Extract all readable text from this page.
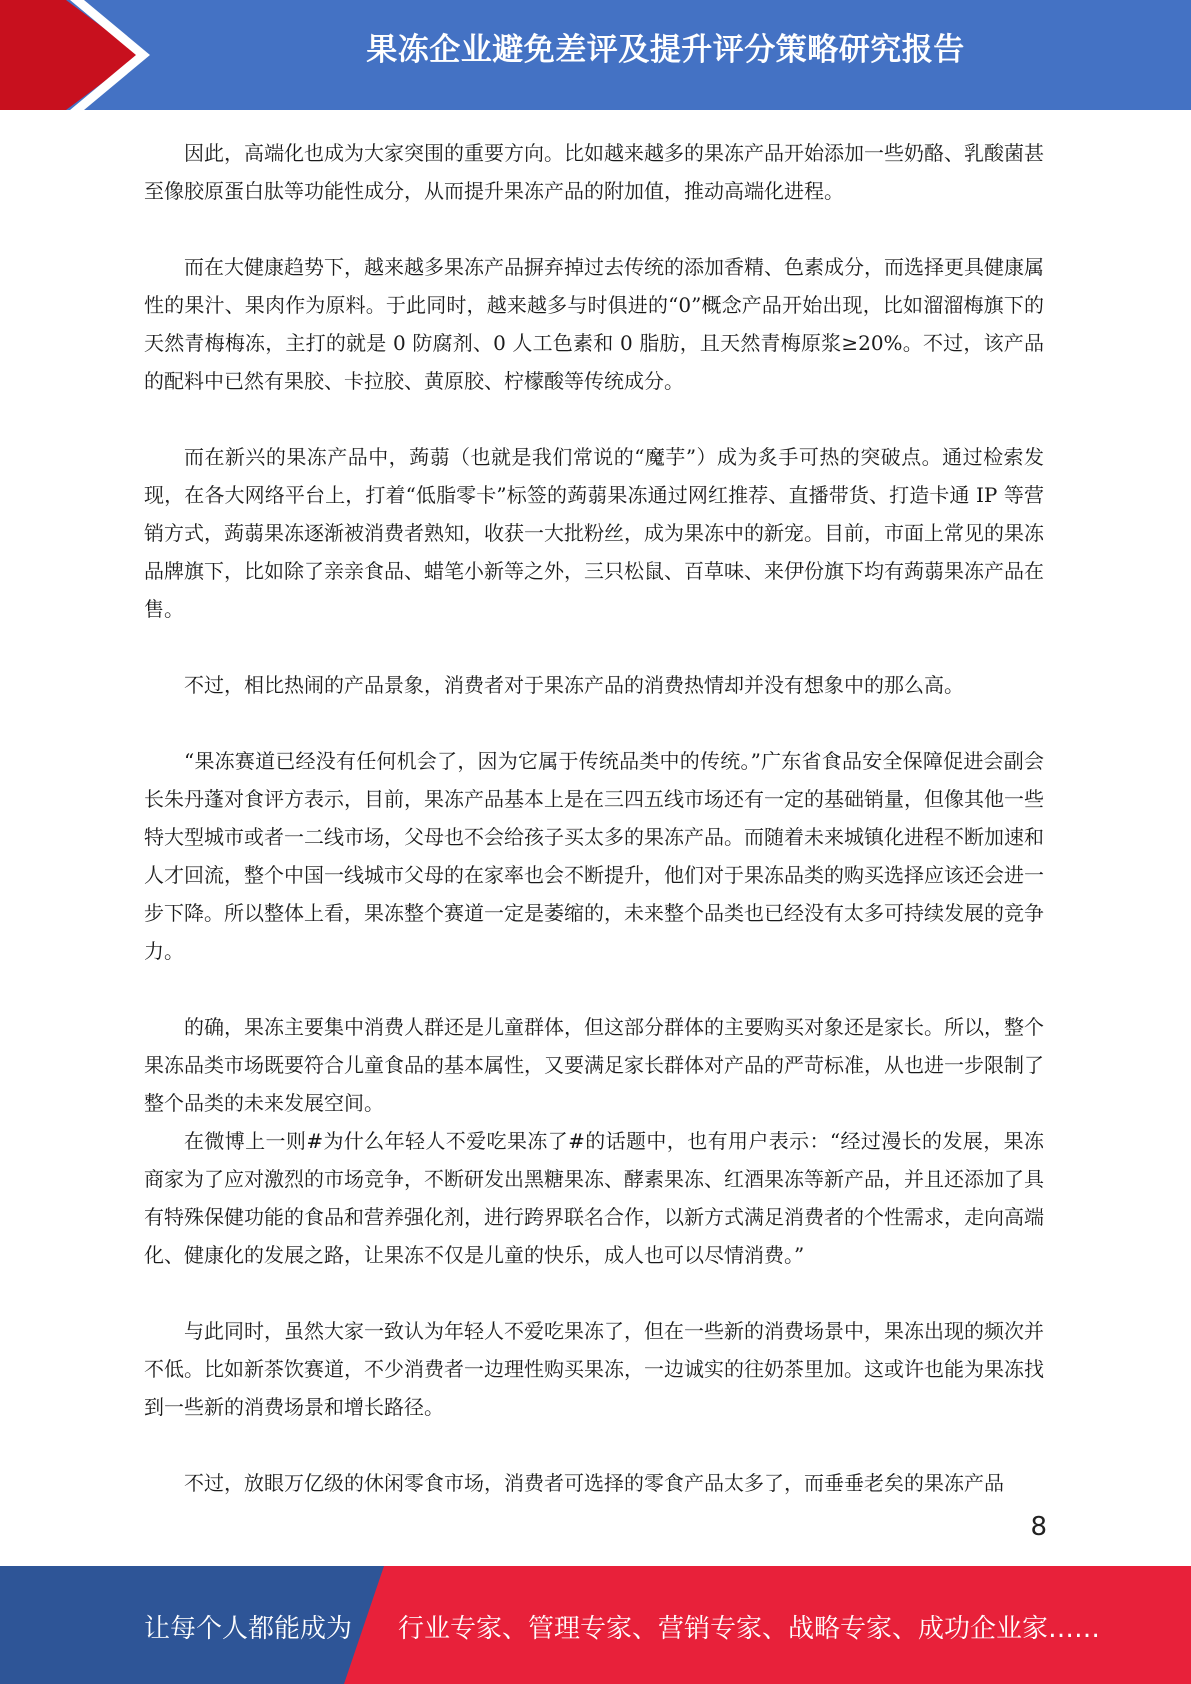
果冻企业避免差评及提升评分策略研究报告

因此，高端化也成为大家突围的重要方向。比如越来越多的果冻产品开始添加一些奶酪、乳酸菌甚至像胶原蛋白肽等功能性成分，从而提升果冻产品的附加值，推动高端化进程。

而在大健康趋势下，越来越多果冻产品摒弃掉过去传统的添加香精、色素成分，而选择更具健康属性的果汁、果肉作为原料。于此同时，越来越多与时俱进的“0”概念产品开始出现，比如溜溜梅旗下的天然青梅梅冻，主打的就是 0 防腐剂、0 人工色素和 0 脂肪，且天然青梅原浆≥20%。不过，该产品的配料中已然有果胶、卡拉胶、黄原胶、柠檬酸等传统成分。

而在新兴的果冻产品中，蒟蒻（也就是我们常说的“魔芋”）成为炙手可热的突破点。通过检索发现，在各大网络平台上，打着“低脂零卡”标签的蒟蒻果冻通过网红推荐、直播带货、打造卡通 IP 等营销方式，蒟蒻果冻逐渐被消费者熟知，收获一大批粉丝，成为果冻中的新宠。目前，市面上常见的果冻品牌旗下，比如除了亲亲食品、蜡笔小新等之外，三只松鼠、百草味、来伊份旗下均有蒟蒻果冻产品在售。

不过，相比热闹的产品景象，消费者对于果冻产品的消费热情却并没有想象中的那么高。

“果冻赛道已经没有任何机会了，因为它属于传统品类中的传统。”广东省食品安全保障促进会副会长朱丹蓬对食评方表示，目前，果冻产品基本上是在三四五线市场还有一定的基础销量，但像其他一些特大型城市或者一二线市场，父母也不会给孩子买太多的果冻产品。而随着未来城镇化进程不断加速和人才回流，整个中国一线城市父母的在家率也会不断提升，他们对于果冻品类的购买选择应该还会进一步下降。所以整体上看，果冻整个赛道一定是萎缩的，未来整个品类也已经没有太多可持续发展的竞争力。

的确，果冻主要集中消费人群还是儿童群体，但这部分群体的主要购买对象还是家长。所以，整个果冻品类市场既要符合儿童食品的基本属性，又要满足家长群体对产品的严苛标准，从也进一步限制了整个品类的未来发展空间。

在微博上一则#为什么年轻人不爱吃果冻了#的话题中，也有用户表示：“经过漫长的发展，果冻商家为了应对激烈的市场竞争，不断研发出黑糖果冻、酵素果冻、红酒果冻等新产品，并且还添加了具有特殊保健功能的食品和营养强化剂，进行跨界联名合作，以新方式满足消费者的个性需求，走向高端化、健康化的发展之路，让果冻不仅是儿童的快乐，成人也可以尽情消费。”

与此同时，虽然大家一致认为年轻人不爱吃果冻了，但在一些新的消费场景中，果冻出现的频次并不低。比如新茶饮赛道，不少消费者一边理性购买果冻，一边诚实的往奶茶里加。这或许也能为果冻找到一些新的消费场景和增长路径。

不过，放眼万亿级的休闲零食市场，消费者可选择的零食产品太多了，而垂垂老矣的果冻产品

8
让每个人都能成为 行业专家、管理专家、营销专家、战略专家、成功企业家……
